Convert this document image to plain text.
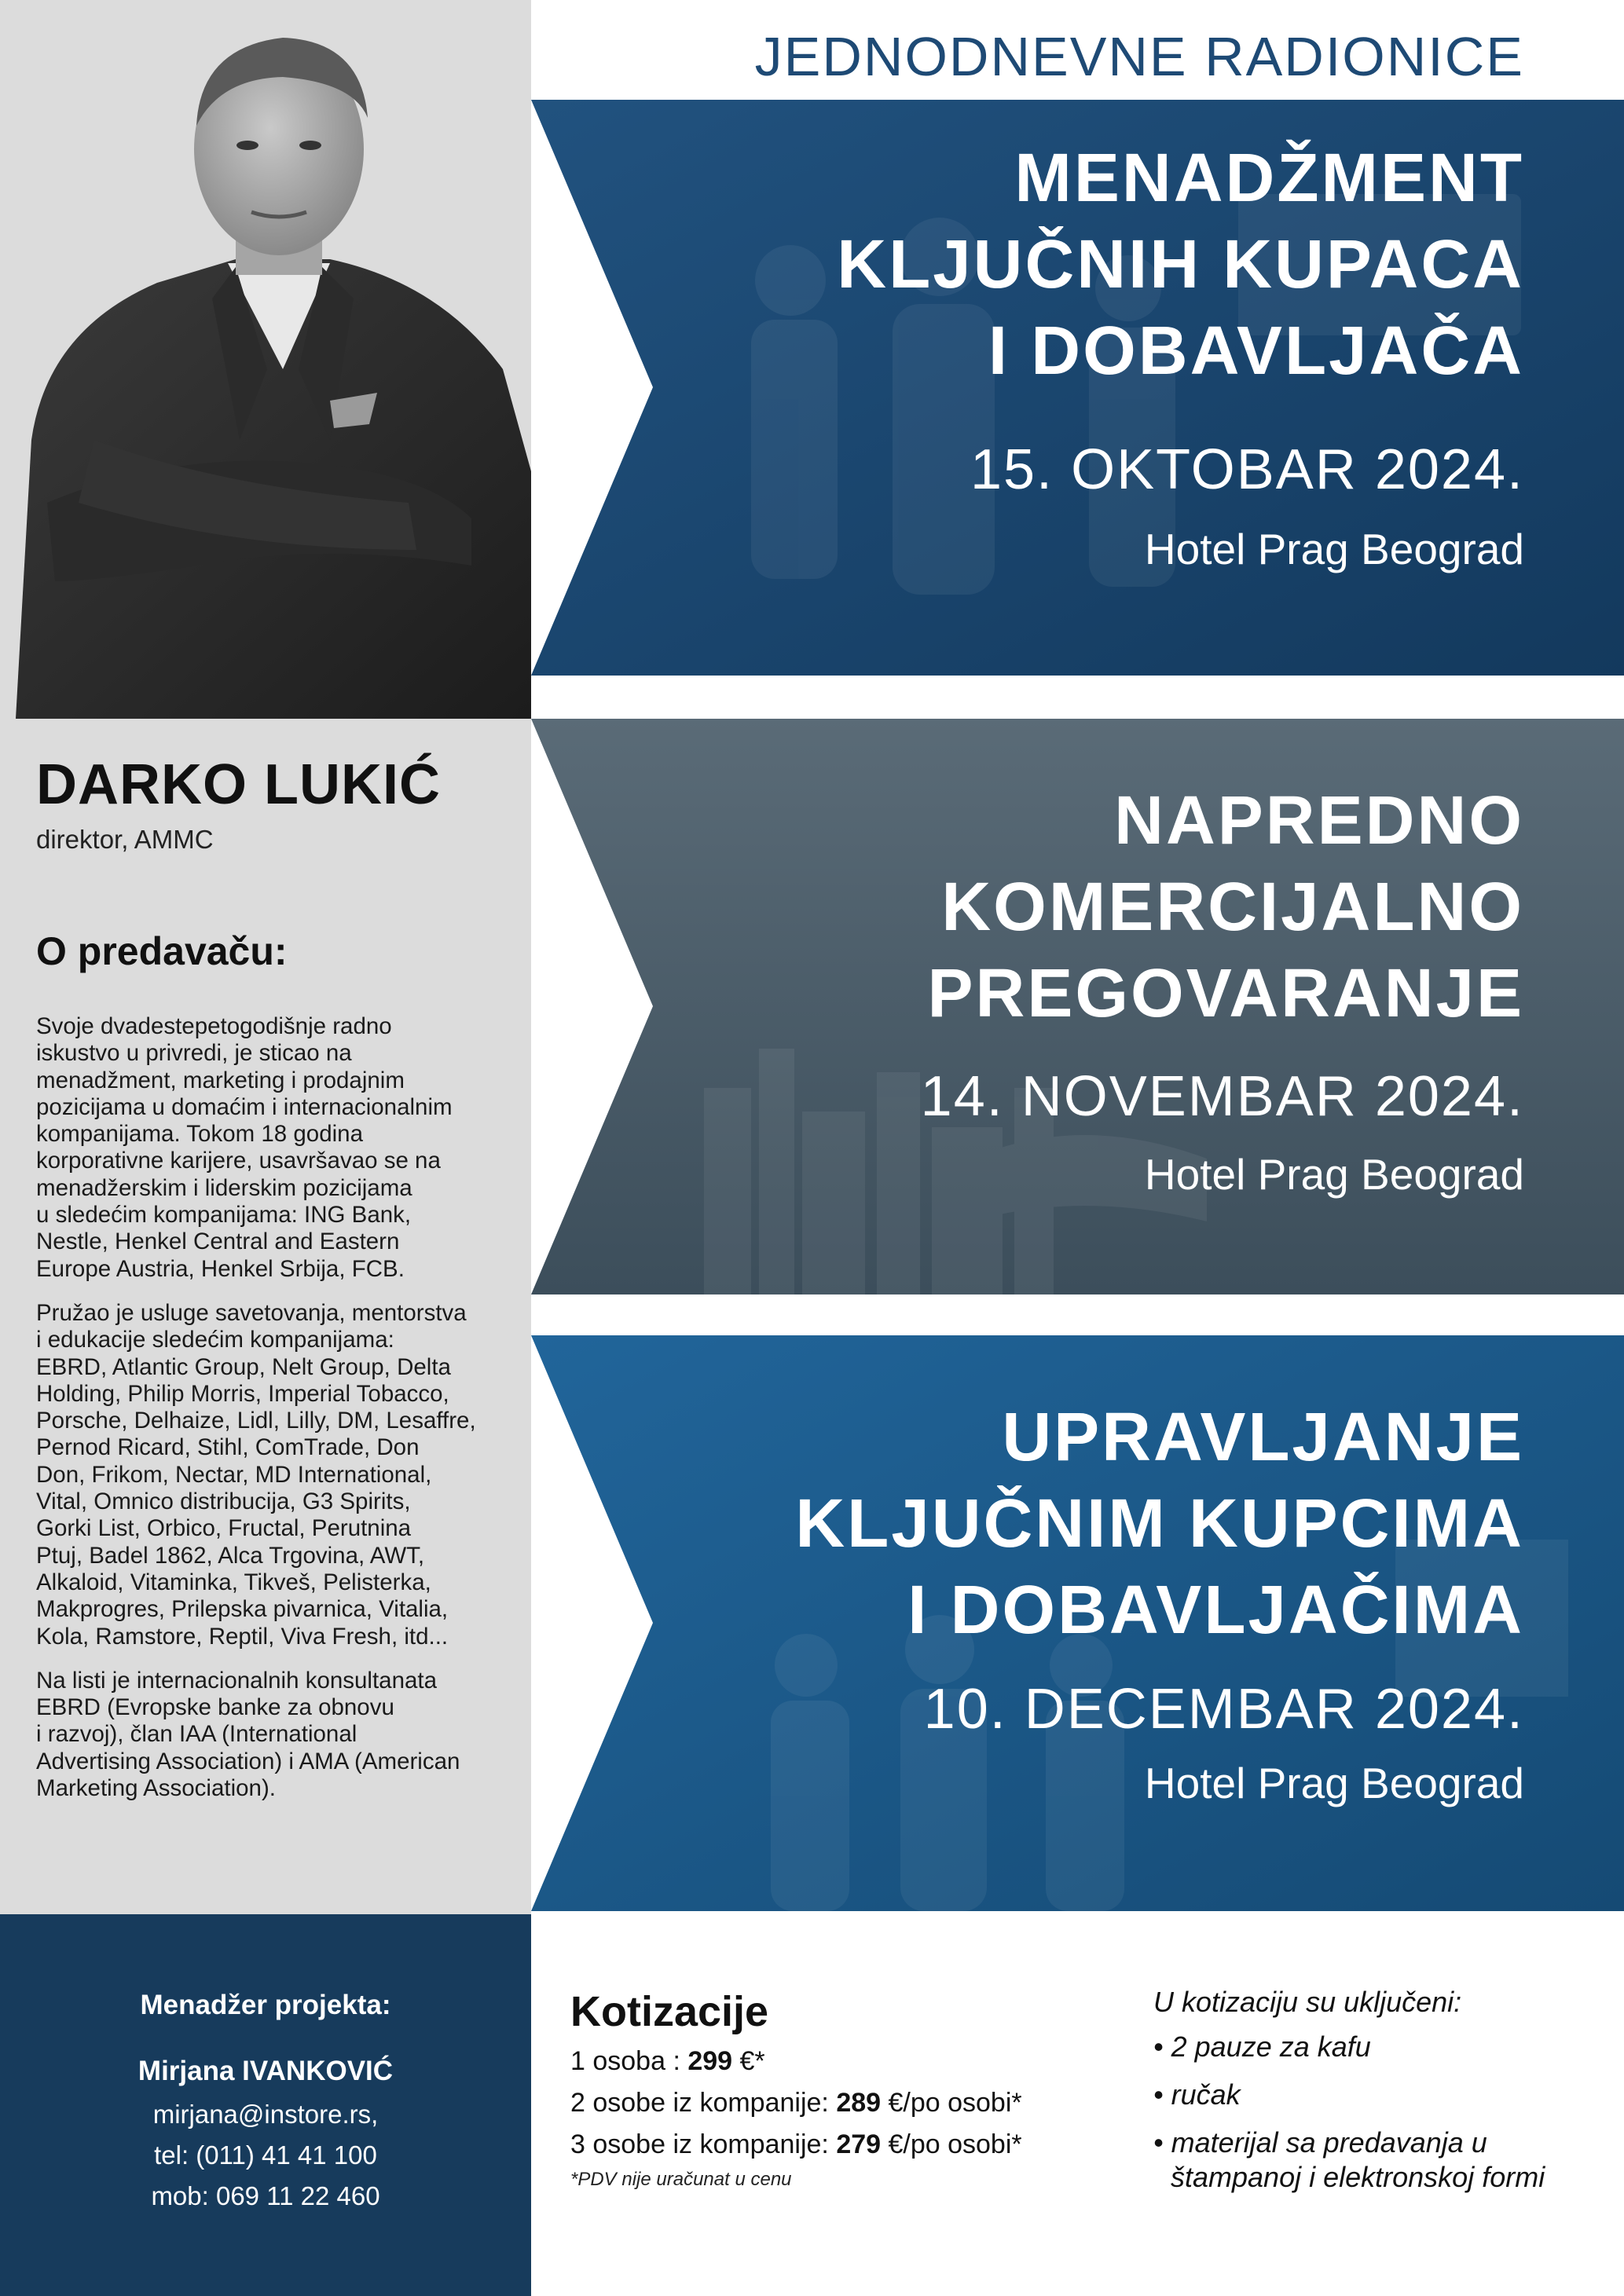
DARKO LUKIĆ
direktor, AMMC
O predavaču:

Svoje dvadestepetogodišnje radno
iskustvo u privredi, je sticao na
menadžment, marketing i prodajnim
pozicijama u domaćim i internacionalnim
kompanijama. Tokom 18 godina
korporativne karijere, usavršavao se na
menadžerskim i liderskim pozicijama
u sledećim kompanijama: ING Bank,
Nestle, Henkel Central and Eastern
Europe Austria, Henkel Srbija, FCB.

Pružao je usluge savetovanja, mentorstva
i edukacije sledećim kompanijama:
EBRD, Atlantic Group, Nelt Group, Delta
Holding, Philip Morris, Imperial Tobacco,
Porsche, Delhaize, Lidl, Lilly, DM, Lesaffre,
Pernod Ricard, Stihl, ComTrade, Don
Don, Frikom, Nectar, MD International,
Vital, Omnico distribucija, G3 Spirits,
Gorki List, Orbico, Fructal, Perutnina
Ptuj, Badel 1862, Alca Trgovina, AWT,
Alkaloid, Vitaminka, Tikveš, Pelisterka,
Makprogres, Prilepska pivarnica, Vitalia,
Kola, Ramstore, Reptil, Viva Fresh, itd...

Na listi je internacionalnih konsultanata
EBRD (Evropske banke za obnovu
i razvoj), član IAA (International
Advertising Association) i AMA (American
Marketing Association).

JEDNODNEVNE RADIONICE
MENADŽMENT
KLJUČNIH KUPACA
I DOBAVLJAČA
15. OKTOBAR 2024.
Hotel Prag Beograd
NAPREDNO
KOMERCIJALNO
PREGOVARANJE
14. NOVEMBAR 2024.
Hotel Prag Beograd
UPRAVLJANJE
KLJUČNIM KUPCIMA
I DOBAVLJAČIMA
10. DECEMBAR 2024.
Hotel Prag Beograd
Menadžer projekta:
Mirjana IVANKOVIĆ
mirjana@instore.rs,
tel: (011) 41 41 100
mob: 069 11 22 460
Kotizacije
1 osoba : 299 €*
2 osobe iz kompanije: 289 €/po osobi*
3 osobe iz kompanije: 279 €/po osobi*
*PDV nije uračunat u cenu
U kotizaciju su uključeni:
• 2 pauze za kafu
• ručak
• materijal sa predavanja u
štampanoj i elektronskoj formi
